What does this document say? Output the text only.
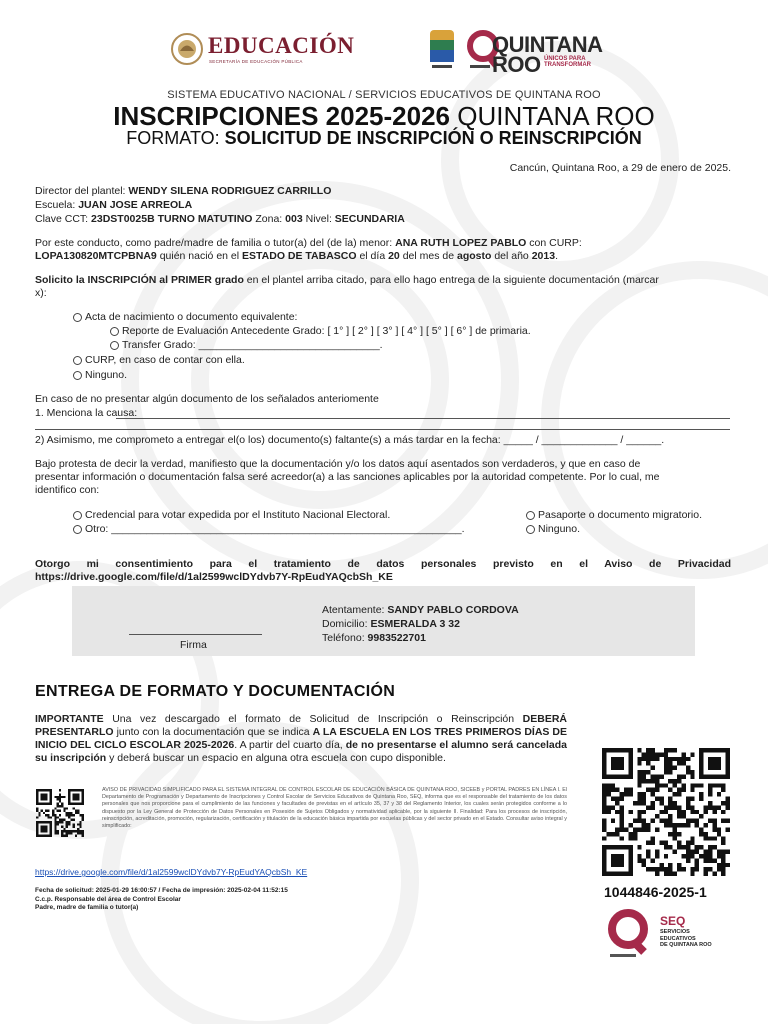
EDUCACIÓN
SECRETARÍA DE EDUCACIÓN PÚBLICA
QUINTANA
ROO ÚNICOS PARA
TRANSFORMAR
SISTEMA EDUCATIVO NACIONAL / SERVICIOS EDUCATIVOS DE QUINTANA ROO
INSCRIPCIONES 2025-2026 QUINTANA ROO
FORMATO: SOLICITUD DE INSCRIPCIÓN O REINSCRIPCIÓN
Cancún, Quintana Roo, a 29 de enero de 2025.
Director del plantel: WENDY SILENA RODRIGUEZ CARRILLO
Escuela: JUAN JOSE ARREOLA
Clave CCT: 23DST0025B TURNO MATUTINO Zona: 003 Nivel: SECUNDARIA
Por este conducto, como padre/madre de familia o tutor(a) del (de la) menor: ANA RUTH LOPEZ PABLO con CURP:
LOPA130820MTCPBNA9 quién nació en el ESTADO DE TABASCO el día 20 del mes de agosto del año 2013.
Solicito la INSCRIPCIÓN al PRIMER grado en el plantel arriba citado, para ello hago entrega de la siguiente documentación (marcar
x):
Acta de nacimiento o documento equivalente:
Reporte de Evaluación Antecedente Grado: [ 1° ] [ 2° ] [ 3° ] [ 4° ] [ 5° ] [ 6° ] de primaria.
Transfer Grado: _______________________________.
CURP, en caso de contar con ella.
Ninguno.
En caso de no presentar algún documento de los señalados anteriomente
1. Menciona la causa:
2) Asimismo, me comprometo a entregar el(o los) documento(s) faltante(s) a más tardar en la fecha: _____ / _____________ / ______.
Bajo protesta de decir la verdad, manifiesto que la documentación y/o los datos aquí asentados son verdaderos, y que en caso de
presentar información o documentación falsa seré acreedor(a) a las sanciones aplicables por la autoridad competente. Por lo cual, me
identifico con:
Credencial para votar expedida por el Instituto Nacional Electoral.
Otro: ____________________________________________________________.
Pasaporte o documento migratorio.
Ninguno.
Otorgo mi consentimiento para el tratamiento de datos personales previsto en el Aviso de Privacidad
https://drive.google.com/file/d/1al2599wclDYdvb7Y-RpEudYAQcbSh_KE
Firma
Atentamente: SANDY PABLO CORDOVA
Domicilio: ESMERALDA 3 32
Teléfono: 9983522701
ENTREGA DE FORMATO Y DOCUMENTACIÓN
IMPORTANTE Una vez descargado el formato de Solicitud de Inscripción o Reinscripción DEBERÁ PRESENTARLO junto con la documentación que se indica A LA ESCUELA EN LOS TRES PRIMEROS DÍAS DE INICIO DEL CICLO ESCOLAR 2025-2026. A partir del cuarto día, de no presentarse el alumno será cancelada su inscripción y deberá buscar un espacio en alguna otra escuela con cupo disponible.
AVISO DE PRIVACIDAD SIMPLIFICADO PARA EL SISTEMA INTEGRAL DE CONTROL ESCOLAR DE EDUCACIÓN BÁSICA DE QUINTANA ROO, SICEEB y PORTAL PADRES EN LÍNEA I. El Departamento de Programación y Departamento de Inscripciones y Control Escolar de Servicios Educativos de Quintana Roo, SEQ, informa que es el responsable del tratamiento de los datos personales que nos proporcione para el cumplimiento de las funciones y facultades de previstas en el artículo 35, 37 y 38 del Reglamento Interior, los cuales serán protegidos conforme a lo dispuesto por la Ley General de Protección de Datos Personales en Posesión de Sujetos Obligados y normatividad aplicable, por la siguiente II. Finalidad: Para los procesos de inscripción, reinscripción, acreditación, promoción, regularización, certificación y titulación de la educación básica impartida por escuelas públicas y del sector privado en el Estado. Consultar aviso integral y simplificado:
https://drive.google.com/file/d/1al2599wclDYdvb7Y-RpEudYAQcbSh_KE
Fecha de solicitud: 2025-01-29 16:00:57 / Fecha de impresión: 2025-02-04 11:52:15
C.c.p. Responsable del área de Control Escolar
Padre, madre de familia o tutor(a)
1044846-2025-1
SEQ
SERVICIOS
EDUCATIVOS
DE QUINTANA ROO
